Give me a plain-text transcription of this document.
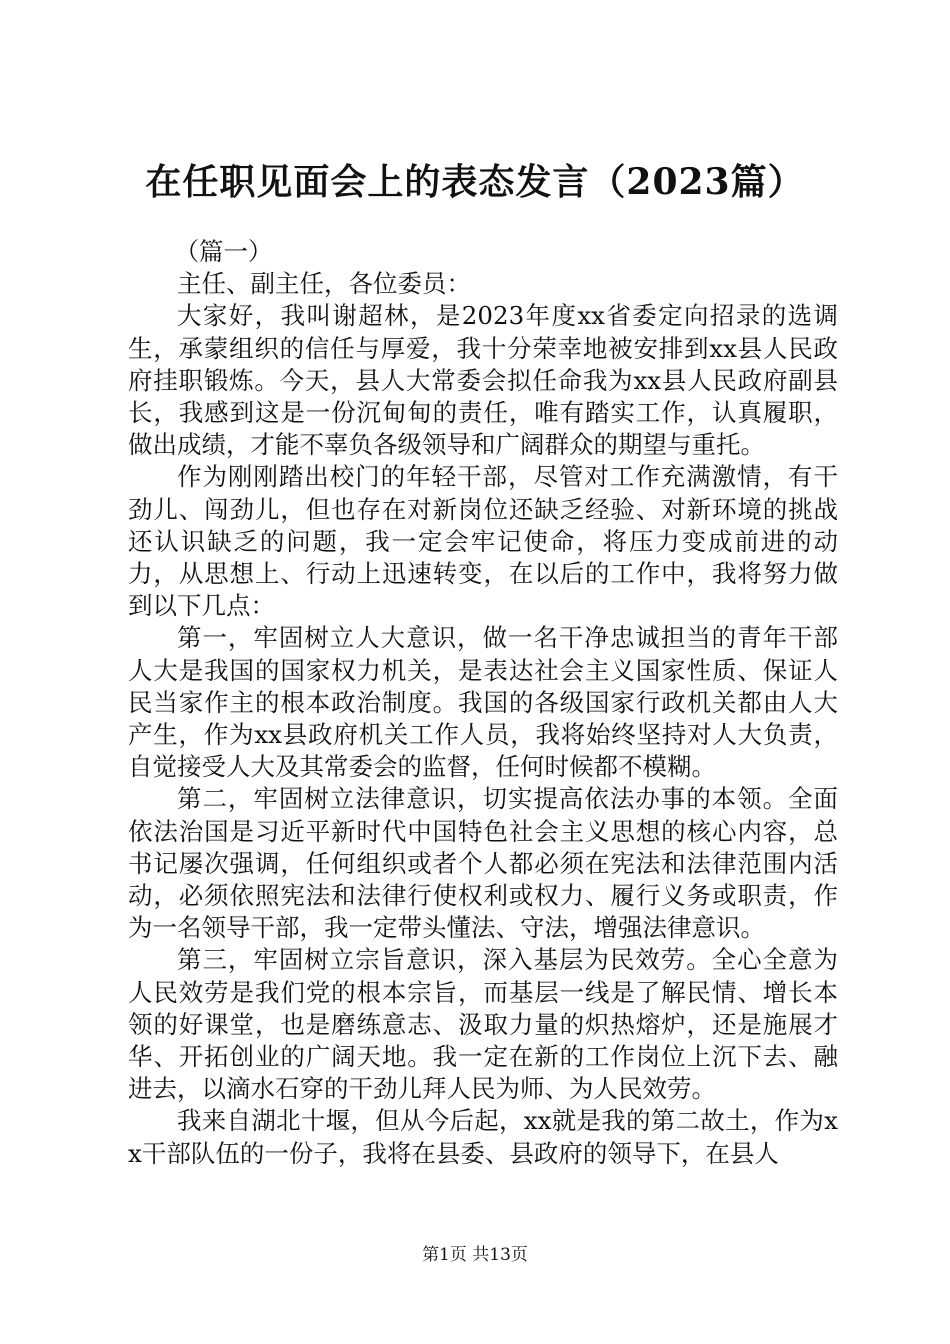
在任职见面会上的表态发言（2023篇）

（篇一）

主任、副主任，各位委员：

大家好，我叫谢超林，是2023年度xx省委定向招录的选调生，承蒙组织的信任与厚爱，我十分荣幸地被安排到xx县人民政府挂职锻炼。今天，县人大常委会拟任命我为xx县人民政府副县长，我感到这是一份沉甸甸的责任，唯有踏实工作，认真履职，做出成绩，才能不辜负各级领导和广阔群众的期望与重托。

作为刚刚踏出校门的年轻干部，尽管对工作充满激情，有干劲儿、闯劲儿，但也存在对新岗位还缺乏经验、对新环境的挑战还认识缺乏的问题，我一定会牢记使命，将压力变成前进的动力，从思想上、行动上迅速转变，在以后的工作中，我将努力做到以下几点：

第一，牢固树立人大意识，做一名干净忠诚担当的青年干部人大是我国的国家权力机关，是表达社会主义国家性质、保证人民当家作主的根本政治制度。我国的各级国家行政机关都由人大产生，作为xx县政府机关工作人员，我将始终坚持对人大负责，自觉接受人大及其常委会的监督，任何时候都不模糊。

第二，牢固树立法律意识，切实提高依法办事的本领。全面依法治国是习近平新时代中国特色社会主义思想的核心内容，总书记屡次强调，任何组织或者个人都必须在宪法和法律范围内活动，必须依照宪法和法律行使权利或权力、履行义务或职责，作为一名领导干部，我一定带头懂法、守法，增强法律意识。

第三，牢固树立宗旨意识，深入基层为民效劳。全心全意为人民效劳是我们党的根本宗旨，而基层一线是了解民情、增长本领的好课堂，也是磨练意志、汲取力量的炽热熔炉，还是施展才华、开拓创业的广阔天地。我一定在新的工作岗位上沉下去、融进去，以滴水石穿的干劲儿拜人民为师、为人民效劳。

我来自湖北十堰，但从今后起，xx就是我的第二故土，作为xx干部队伍的一份子，我将在县委、县政府的领导下，在县人

第1页 共13页
